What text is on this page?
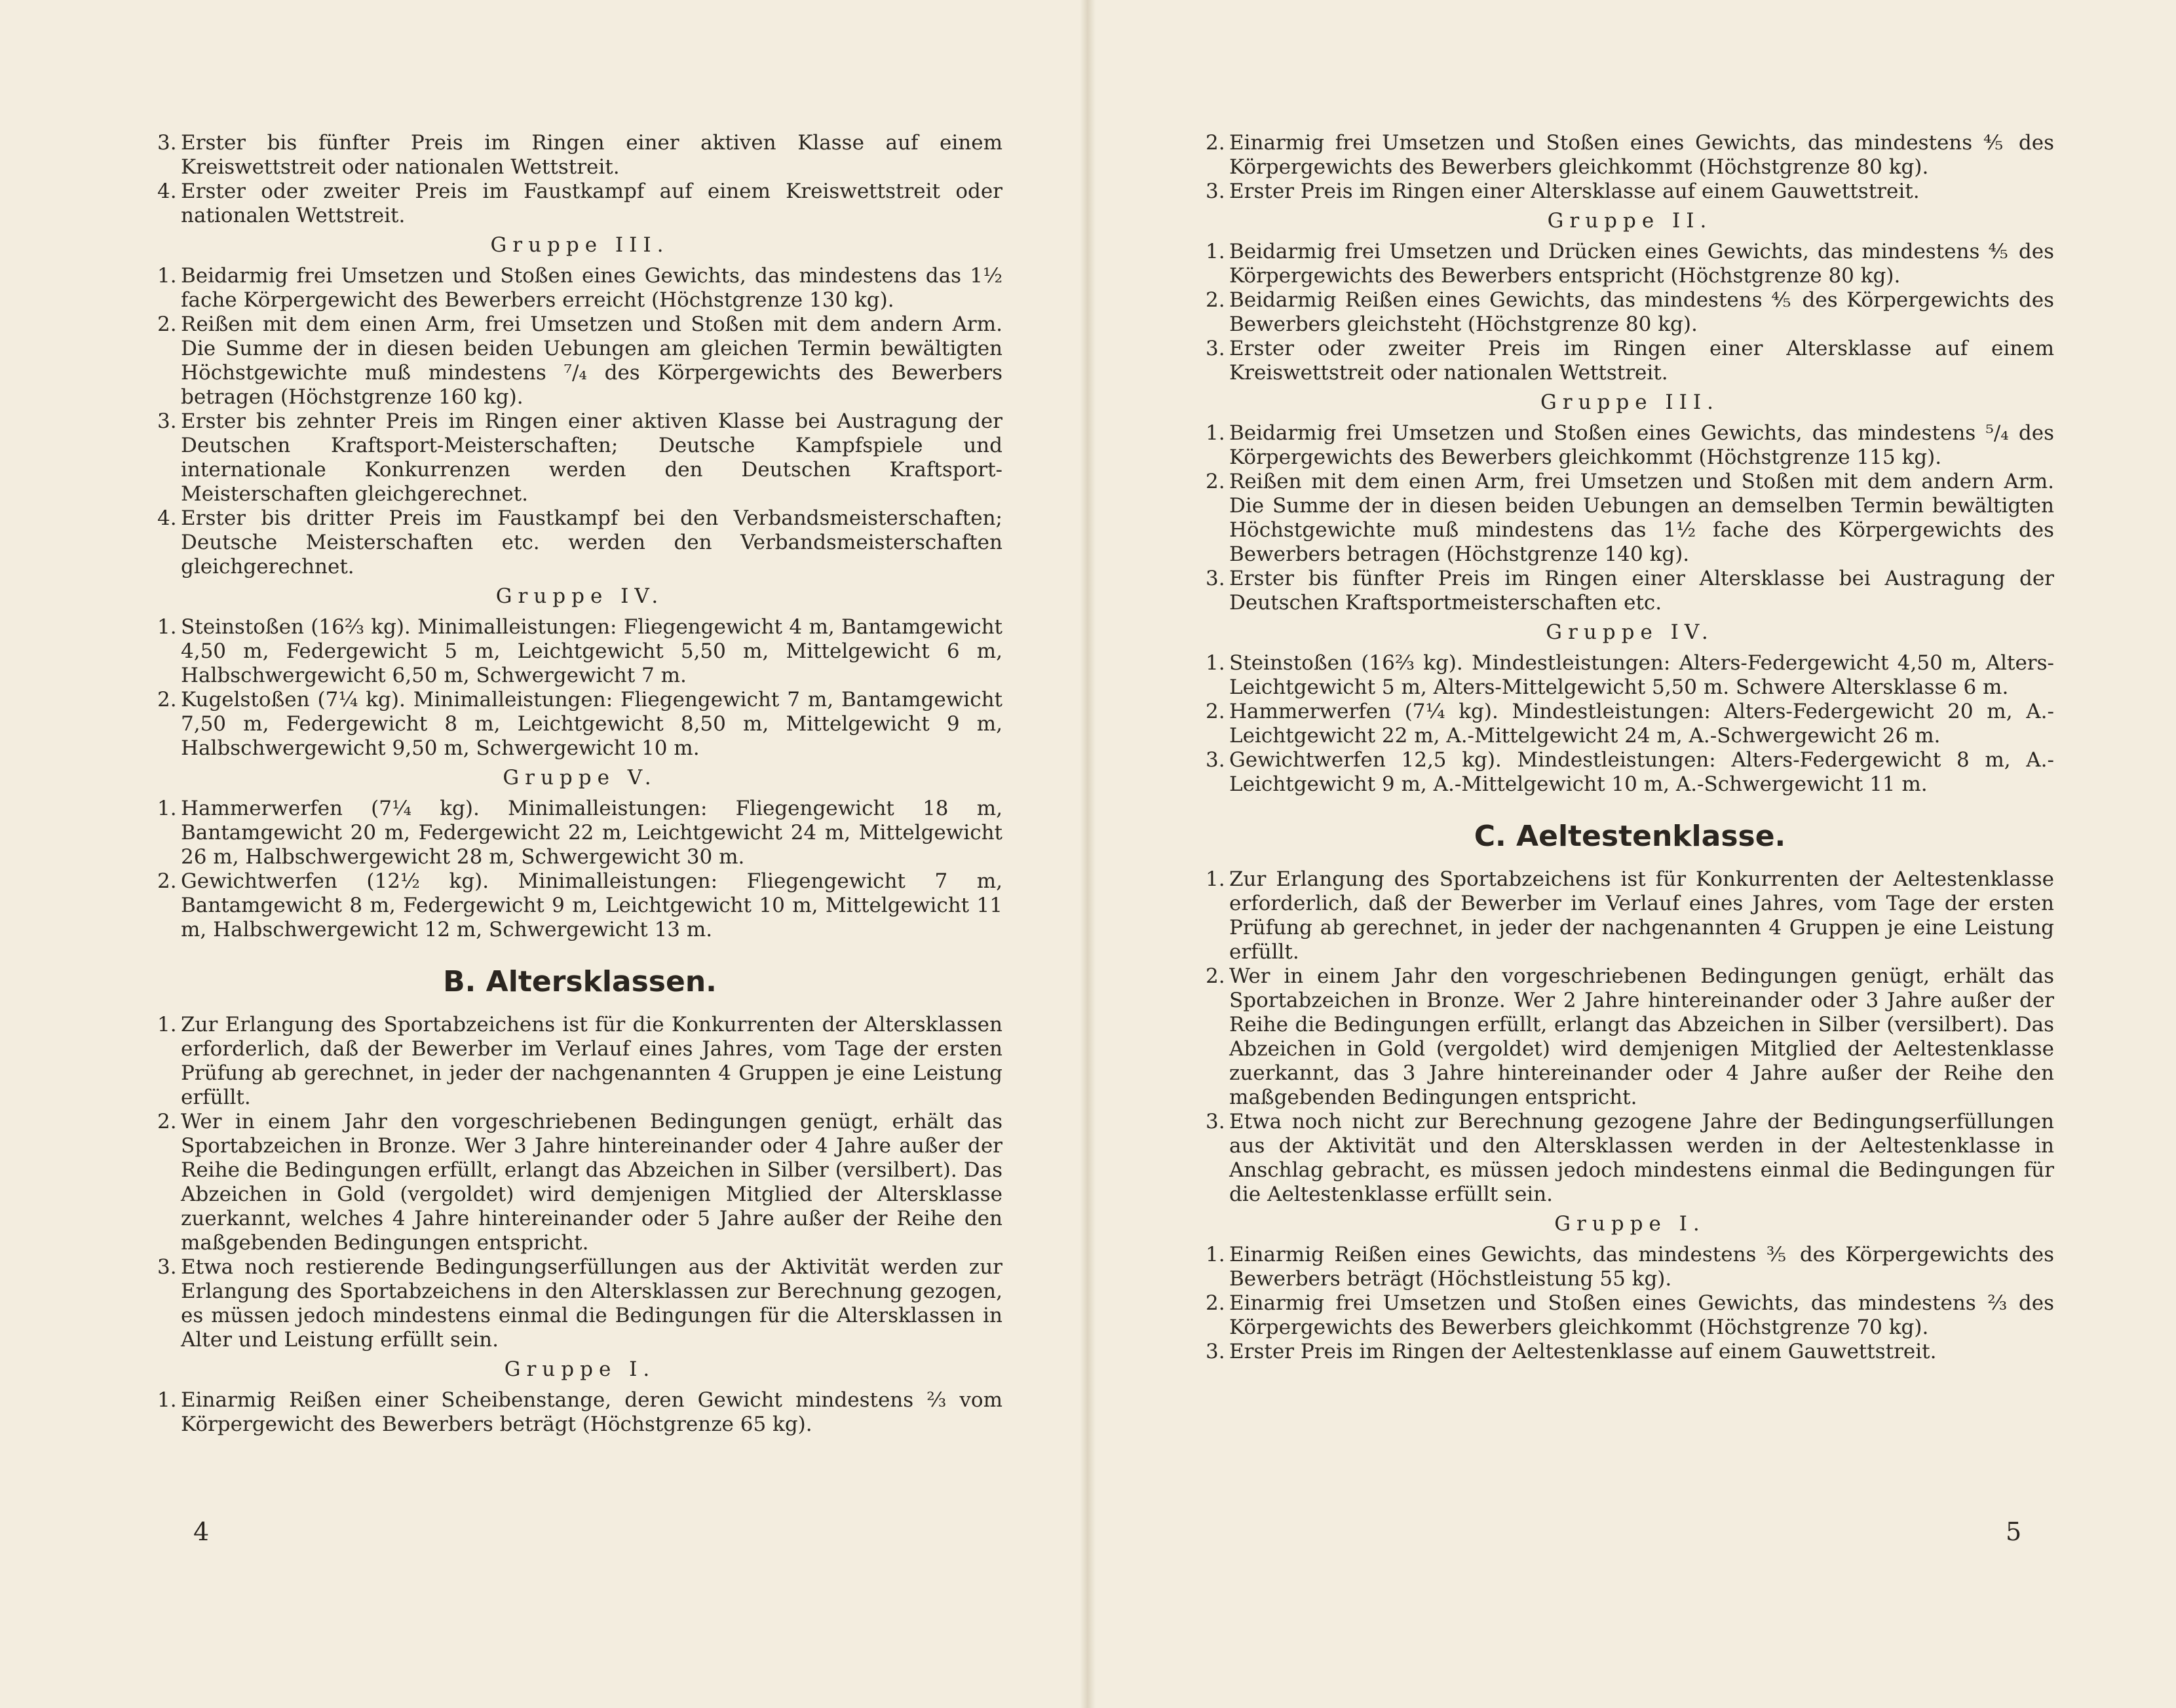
3. Erster bis fünfter Preis im Ringen einer aktiven Klasse auf einem Kreiswettstreit oder nationalen Wettstreit.

4. Erster oder zweiter Preis im Faustkampf auf einem Kreiswettstreit oder nationalen Wettstreit.

Gruppe III.

1. Beidarmig frei Umsetzen und Stoßen eines Gewichts, das mindestens das 1½ fache Körpergewicht des Bewerbers erreicht (Höchstgrenze 130 kg).

2. Reißen mit dem einen Arm, frei Umsetzen und Stoßen mit dem andern Arm. Die Summe der in diesen beiden Uebungen am gleichen Termin bewältigten Höchstgewichte muß mindestens ⁷/₄ des Körpergewichts des Bewerbers betragen (Höchstgrenze 160 kg).

3. Erster bis zehnter Preis im Ringen einer aktiven Klasse bei Austragung der Deutschen Kraftsport-Meisterschaften; Deutsche Kampfspiele und internationale Konkurrenzen werden den Deutschen Kraftsport-Meisterschaften gleichgerechnet.

4. Erster bis dritter Preis im Faustkampf bei den Verbandsmeisterschaften; Deutsche Meisterschaften etc. werden den Verbandsmeisterschaften gleichgerechnet.

Gruppe IV.

1. Steinstoßen (16⅔ kg). Minimalleistungen: Fliegengewicht 4 m, Bantamgewicht 4,50 m, Federgewicht 5 m, Leichtgewicht 5,50 m, Mittelgewicht 6 m, Halbschwergewicht 6,50 m, Schwergewicht 7 m.

2. Kugelstoßen (7¼ kg). Minimalleistungen: Fliegengewicht 7 m, Bantamgewicht 7,50 m, Federgewicht 8 m, Leichtgewicht 8,50 m, Mittelgewicht 9 m, Halbschwergewicht 9,50 m, Schwergewicht 10 m.

Gruppe V.

1. Hammerwerfen (7¼ kg). Minimalleistungen: Fliegengewicht 18 m, Bantamgewicht 20 m, Federgewicht 22 m, Leichtgewicht 24 m, Mittelgewicht 26 m, Halbschwergewicht 28 m, Schwergewicht 30 m.

2. Gewichtwerfen (12½ kg). Minimalleistungen: Fliegengewicht 7 m, Bantamgewicht 8 m, Federgewicht 9 m, Leichtgewicht 10 m, Mittelgewicht 11 m, Halbschwergewicht 12 m, Schwergewicht 13 m.

B. Altersklassen.

1. Zur Erlangung des Sportabzeichens ist für die Konkurrenten der Altersklassen erforderlich, daß der Bewerber im Verlauf eines Jahres, vom Tage der ersten Prüfung ab gerechnet, in jeder der nachgenannten 4 Gruppen je eine Leistung erfüllt.

2. Wer in einem Jahr den vorgeschriebenen Bedingungen genügt, erhält das Sportabzeichen in Bronze. Wer 3 Jahre hintereinander oder 4 Jahre außer der Reihe die Bedingungen erfüllt, erlangt das Abzeichen in Silber (versilbert). Das Abzeichen in Gold (vergoldet) wird demjenigen Mitglied der Altersklasse zuerkannt, welches 4 Jahre hintereinander oder 5 Jahre außer der Reihe den maßgebenden Bedingungen entspricht.

3. Etwa noch restierende Bedingungserfüllungen aus der Aktivität werden zur Erlangung des Sportabzeichens in den Altersklassen zur Berechnung gezogen, es müssen jedoch mindestens einmal die Bedingungen für die Altersklassen in Alter und Leistung erfüllt sein.

Gruppe I.

1. Einarmig Reißen einer Scheibenstange, deren Gewicht mindestens ⅔ vom Körpergewicht des Bewerbers beträgt (Höchstgrenze 65 kg).

2. Einarmig frei Umsetzen und Stoßen eines Gewichts, das mindestens ⅘ des Körpergewichts des Bewerbers gleichkommt (Höchstgrenze 80 kg).

3. Erster Preis im Ringen einer Altersklasse auf einem Gauwettstreit.

Gruppe II.

1. Beidarmig frei Umsetzen und Drücken eines Gewichts, das mindestens ⅘ des Körpergewichts des Bewerbers entspricht (Höchstgrenze 80 kg).

2. Beidarmig Reißen eines Gewichts, das mindestens ⅘ des Körpergewichts des Bewerbers gleichsteht (Höchstgrenze 80 kg).

3. Erster oder zweiter Preis im Ringen einer Altersklasse auf einem Kreiswettstreit oder nationalen Wettstreit.

Gruppe III.

1. Beidarmig frei Umsetzen und Stoßen eines Gewichts, das mindestens ⁵/₄ des Körpergewichts des Bewerbers gleichkommt (Höchstgrenze 115 kg).

2. Reißen mit dem einen Arm, frei Umsetzen und Stoßen mit dem andern Arm. Die Summe der in diesen beiden Uebungen an demselben Termin bewältigten Höchstgewichte muß mindestens das 1½ fache des Körpergewichts des Bewerbers betragen (Höchstgrenze 140 kg).

3. Erster bis fünfter Preis im Ringen einer Altersklasse bei Austragung der Deutschen Kraftsportmeisterschaften etc.

Gruppe IV.

1. Steinstoßen (16⅔ kg). Mindestleistungen: Alters-Federgewicht 4,50 m, Alters-Leichtgewicht 5 m, Alters-Mittelgewicht 5,50 m. Schwere Altersklasse 6 m.

2. Hammerwerfen (7¼ kg). Mindestleistungen: Alters-Federgewicht 20 m, A.-Leichtgewicht 22 m, A.-Mittelgewicht 24 m, A.-Schwergewicht 26 m.

3. Gewichtwerfen 12,5 kg). Mindestleistungen: Alters-Federgewicht 8 m, A.-Leichtgewicht 9 m, A.-Mittelgewicht 10 m, A.-Schwergewicht 11 m.

C. Aeltestenklasse.

1. Zur Erlangung des Sportabzeichens ist für Konkurrenten der Aeltestenklasse erforderlich, daß der Bewerber im Verlauf eines Jahres, vom Tage der ersten Prüfung ab gerechnet, in jeder der nachgenannten 4 Gruppen je eine Leistung erfüllt.

2. Wer in einem Jahr den vorgeschriebenen Bedingungen genügt, erhält das Sportabzeichen in Bronze. Wer 2 Jahre hintereinander oder 3 Jahre außer der Reihe die Bedingungen erfüllt, erlangt das Abzeichen in Silber (versilbert). Das Abzeichen in Gold (vergoldet) wird demjenigen Mitglied der Aeltestenklasse zuerkannt, das 3 Jahre hintereinander oder 4 Jahre außer der Reihe den maßgebenden Bedingungen entspricht.

3. Etwa noch nicht zur Berechnung gezogene Jahre der Bedingungserfüllungen aus der Aktivität und den Altersklassen werden in der Aeltestenklasse in Anschlag gebracht, es müssen jedoch mindestens einmal die Bedingungen für die Aeltestenklasse erfüllt sein.

Gruppe I.

1. Einarmig Reißen eines Gewichts, das mindestens ⅗ des Körpergewichts des Bewerbers beträgt (Höchstleistung 55 kg).

2. Einarmig frei Umsetzen und Stoßen eines Gewichts, das mindestens ⅔ des Körpergewichts des Bewerbers gleichkommt (Höchstgrenze 70 kg).

3. Erster Preis im Ringen der Aeltestenklasse auf einem Gauwettstreit.

4	5
